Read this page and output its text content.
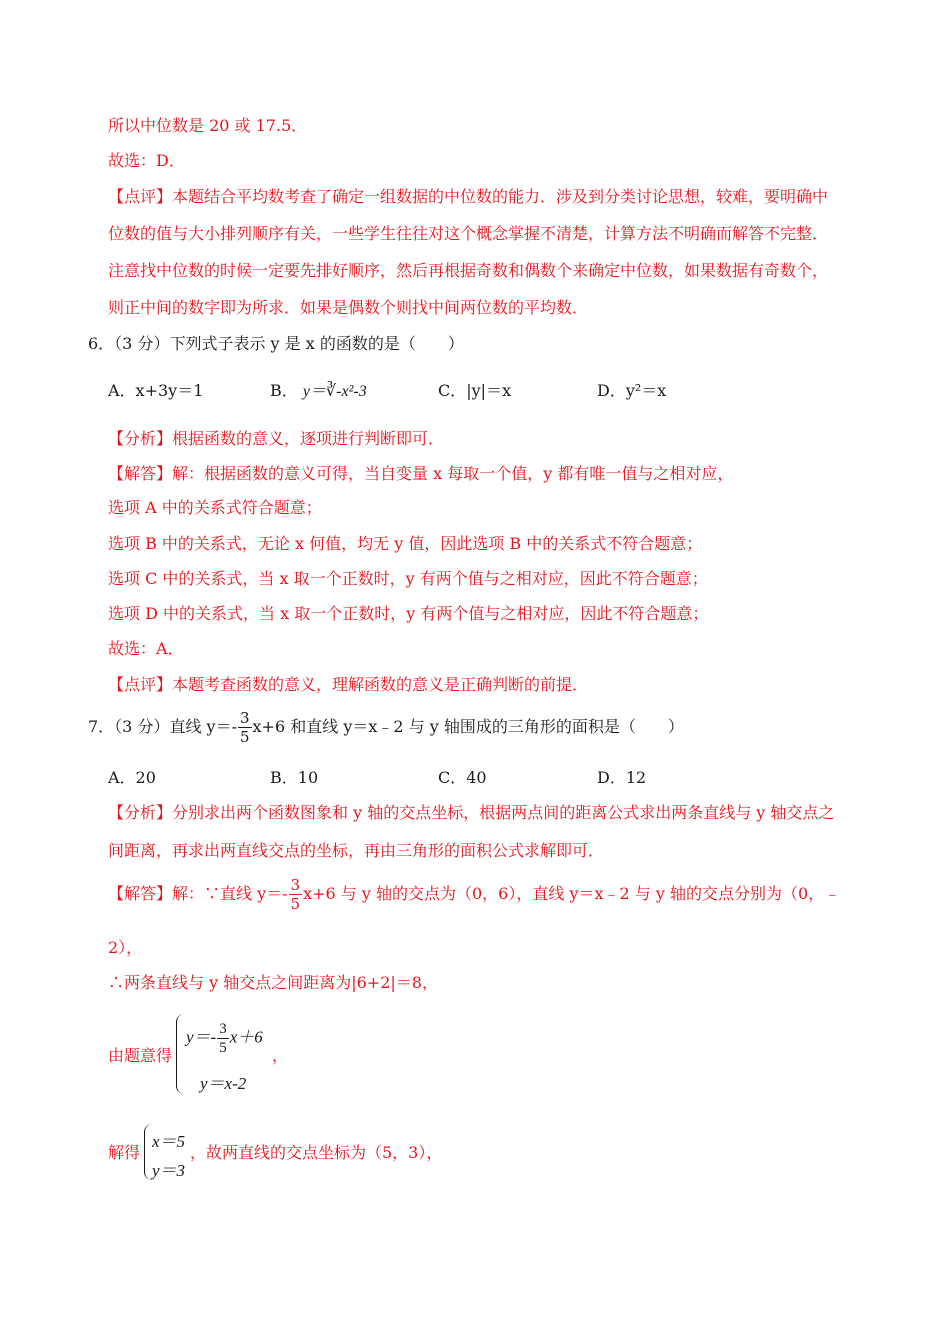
所以中位数是 20 或 17.5．
故选：D．
【点评】本题结合平均数考查了确定一组数据的中位数的能力．涉及到分类讨论思想，较难，要明确中
位数的值与大小排列顺序有关，一些学生往往对这个概念掌握不清楚，计算方法不明确而解答不完整．
注意找中位数的时候一定要先排好顺序，然后再根据奇数和偶数个来确定中位数，如果数据有奇数个，
则正中间的数字即为所求．如果是偶数个则找中间两位数的平均数．
6．（3 分）下列式子表示 y 是 x 的函数的是（　　）
A．x+3y＝1	B． y＝∛-x²-3	C．|y|＝x	D．y²＝x
【分析】根据函数的意义，逐项进行判断即可．
【解答】解：根据函数的意义可得，当自变量 x 每取一个值，y 都有唯一值与之相对应，
选项 A 中的关系式符合题意；
选项 B 中的关系式，无论 x 何值，均无 y 值，因此选项 B 中的关系式不符合题意；
选项 C 中的关系式，当 x 取一个正数时，y 有两个值与之相对应，因此不符合题意；
选项 D 中的关系式，当 x 取一个正数时，y 有两个值与之相对应，因此不符合题意；
故选：A．
【点评】本题考查函数的意义，理解函数的意义是正确判断的前提．
7．（3 分）直线 $y=- \frac{3}{5} x+6$ 和直线 y＝x﹣2 与 y 轴围成的三角形的面积是（　　）
A．20	B．10	C．40	D．12
【分析】分别求出两个函数图象和 y 轴的交点坐标，根据两点间的距离公式求出两条直线与 y 轴交点之
间距离，再求出两直线交点的坐标，再由三角形的面积公式求解即可．
【解答】解：∵直线 $y=- \frac{3}{5} x+6$ 与 y 轴的交点为（0，6），直线 y＝x﹣2 与 y 轴的交点分别为（0，﹣
2），
∴两条直线与 y 轴交点之间距离为|6+2|＝8，
由题意得
$y=- \frac{3}{5} x+6$
y＝x-2
，
解得
x＝5
y＝3
，故两直线的交点坐标为（5，3），
